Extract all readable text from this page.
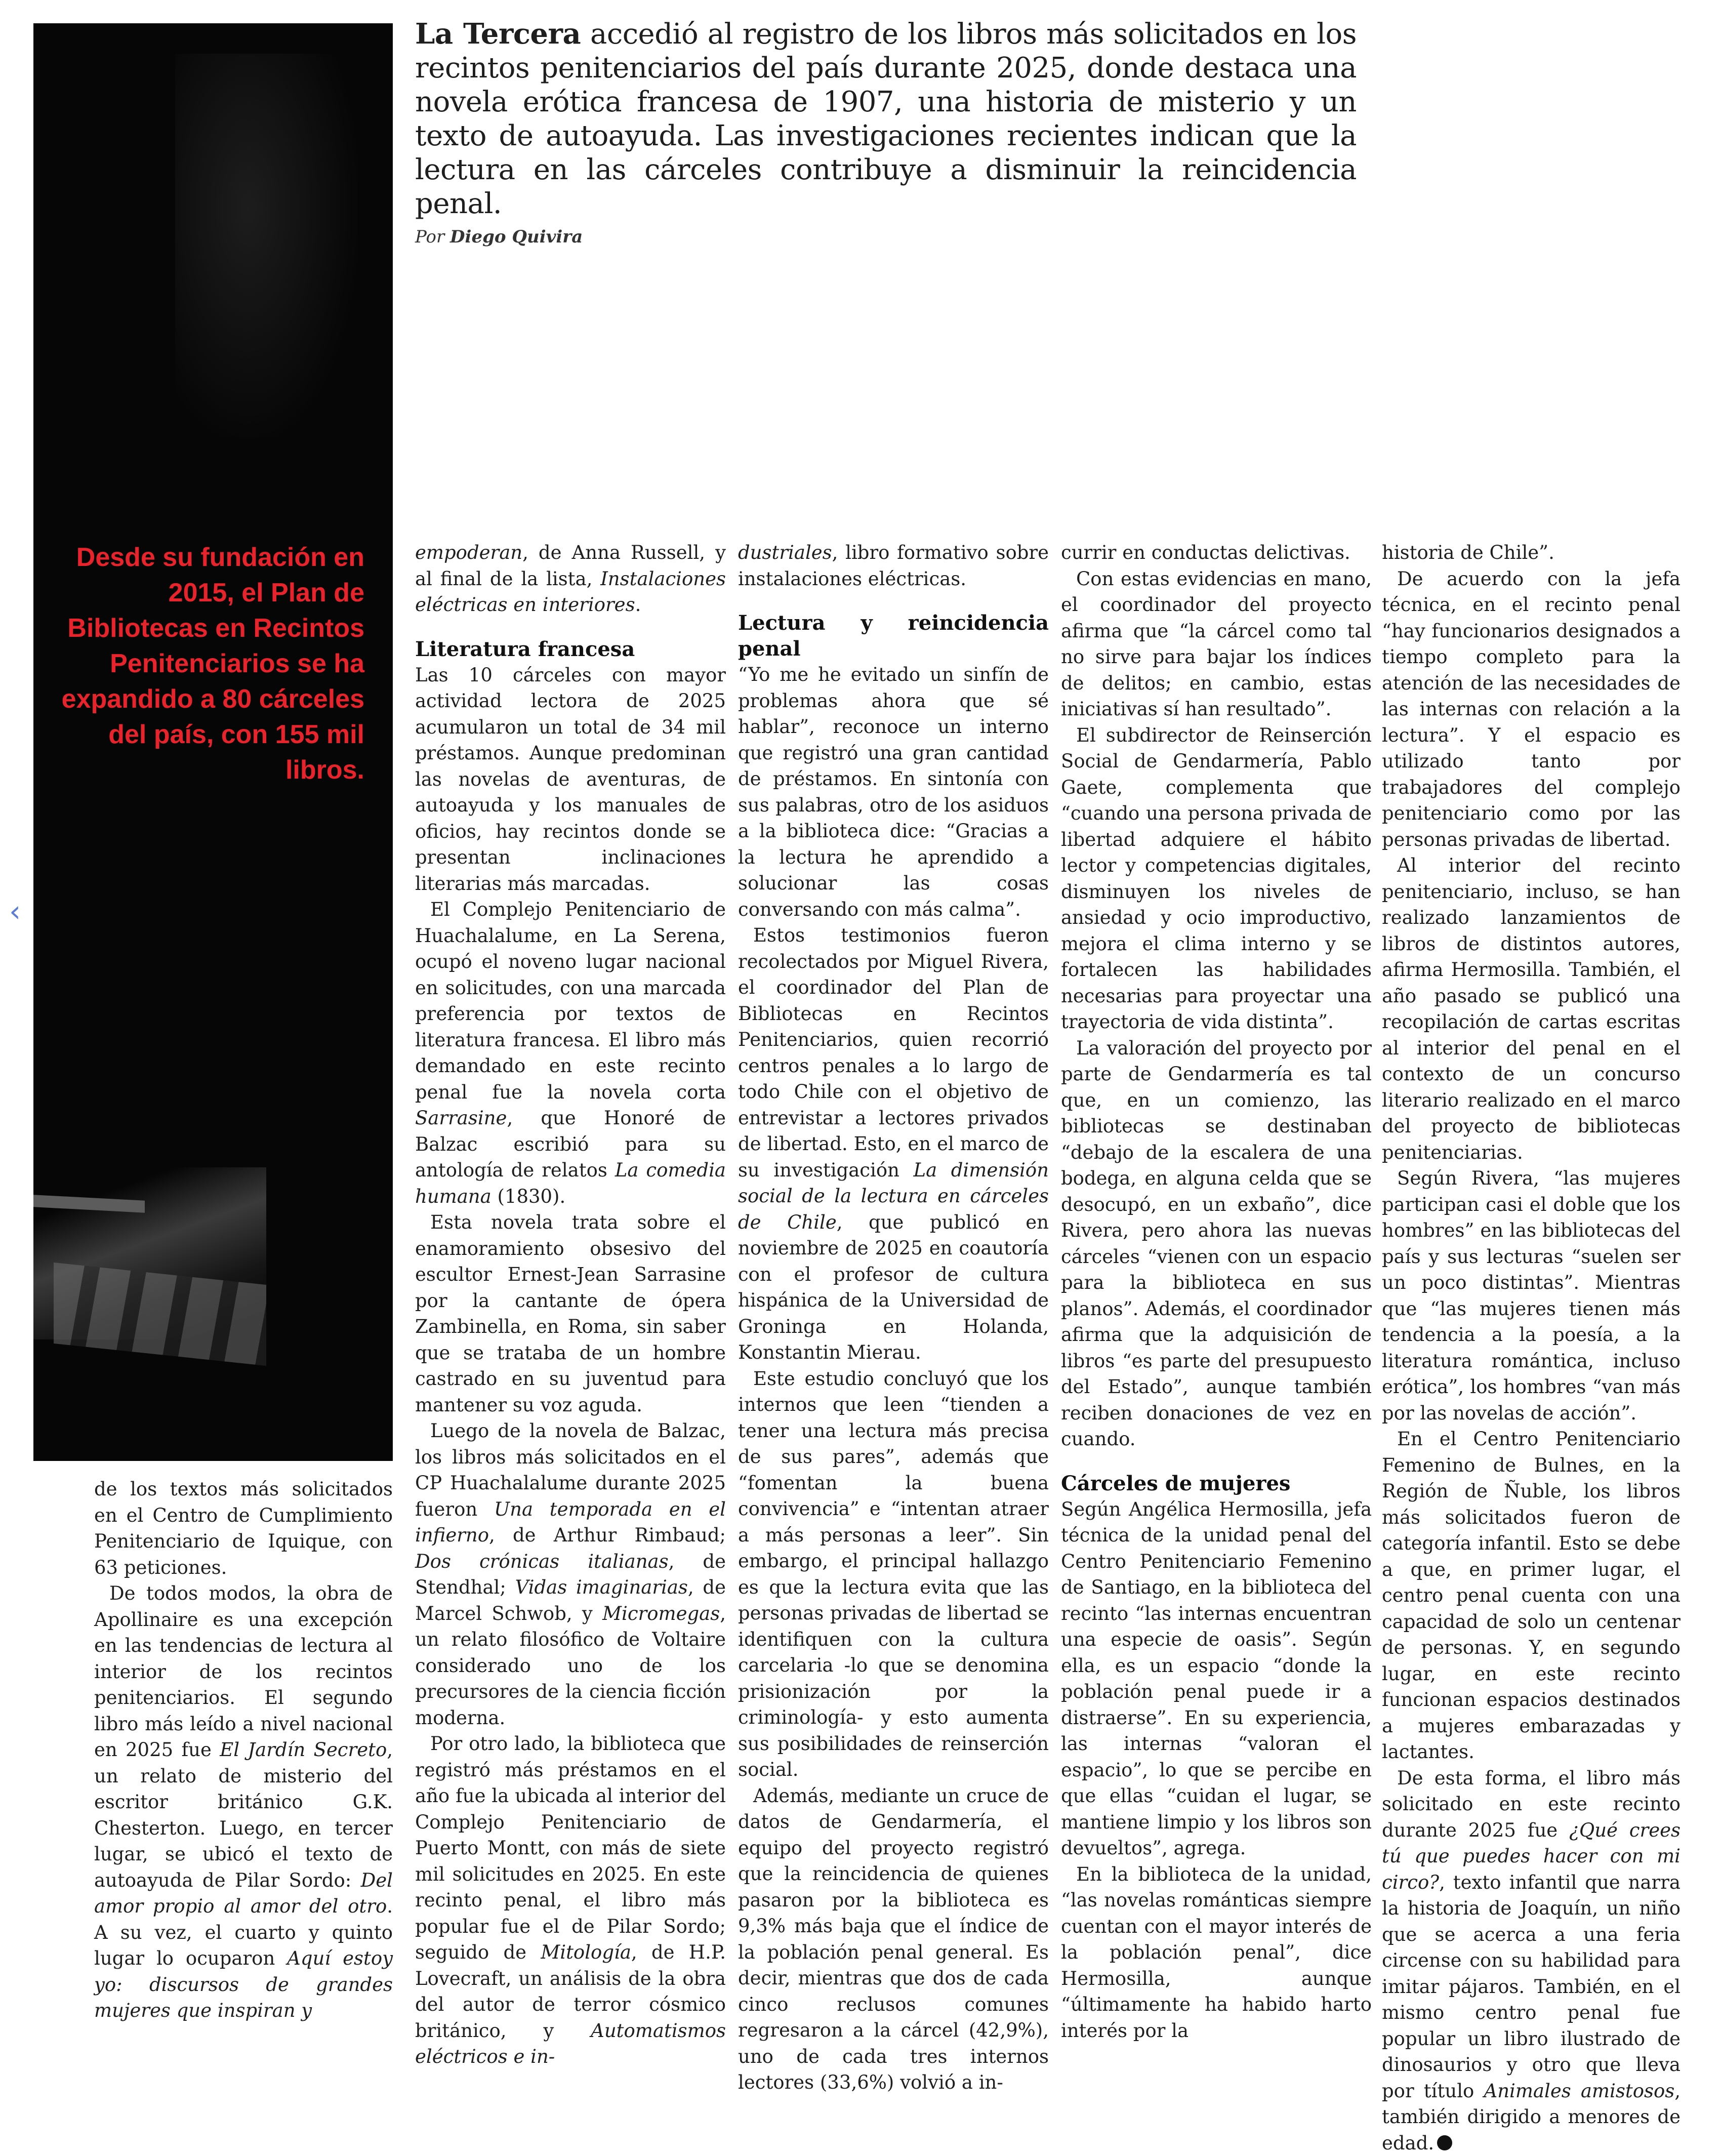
‹
Desde su fundación en 2015, el Plan de Bibliotecas en Recintos Penitenciarios se ha expandido a 80 cárceles del país, con 155 mil libros.
La Tercera accedió al registro de los libros más solicitados en los recintos penitenciarios del país durante 2025, donde destaca una novela erótica francesa de 1907, una historia de misterio y un texto de autoayuda. Las investigaciones recientes indican que la lectura en las cárceles contribuye a disminuir la reincidencia penal.
Por Diego Quivira

de los textos más solicitados en el Centro de Cumplimiento Penitenciario de Iquique, con 63 peticiones.

De todos modos, la obra de Apollinaire es una excepción en las tendencias de lectura al interior de los recintos penitenciarios. El segundo libro más leído a nivel nacional en 2025 fue El Jardín Secreto, un relato de misterio del escritor británico G.K. Chesterton. Luego, en tercer lugar, se ubicó el texto de autoayuda de Pilar Sordo: Del amor propio al amor del otro. A su vez, el cuarto y quinto lugar lo ocuparon Aquí estoy yo: discursos de grandes mujeres que inspiran y

empoderan, de Anna Russell, y al final de la lista, Instalaciones eléctricas en interiores.

Literatura francesa

Las 10 cárceles con mayor actividad lectora de 2025 acumularon un total de 34 mil préstamos. Aunque predominan las novelas de aventuras, de autoayuda y los manuales de oficios, hay recintos donde se presentan inclinaciones literarias más marcadas.

El Complejo Penitenciario de Huachalalume, en La Serena, ocupó el noveno lugar nacional en solicitudes, con una marcada preferencia por textos de literatura francesa. El libro más demandado en este recinto penal fue la novela corta Sarrasine, que Honoré de Balzac escribió para su antología de relatos La comedia humana (1830).

Esta novela trata sobre el enamoramiento obsesivo del escultor Ernest-Jean Sarrasine por la cantante de ópera Zambinella, en Roma, sin saber que se trataba de un hombre castrado en su juventud para mantener su voz aguda.

Luego de la novela de Balzac, los libros más solicitados en el CP Huachalalume durante 2025 fueron Una temporada en el infierno, de Arthur Rimbaud; Dos crónicas italianas, de Stendhal; Vidas imaginarias, de Marcel Schwob, y Micromegas, un relato filosófico de Voltaire considerado uno de los precursores de la ciencia ficción moderna.

Por otro lado, la biblioteca que registró más préstamos en el año fue la ubicada al interior del Complejo Penitenciario de Puerto Montt, con más de siete mil solicitudes en 2025. En este recinto penal, el libro más popular fue el de Pilar Sordo; seguido de Mitología, de H.P. Lovecraft, un análisis de la obra del autor de terror cósmico británico, y Automatismos eléctricos e in-

dustriales, libro formativo sobre instalaciones eléctricas.

Lectura y reincidencia penal

“Yo me he evitado un sinfín de problemas ahora que sé hablar”, reconoce un interno que registró una gran cantidad de préstamos. En sintonía con sus palabras, otro de los asiduos a la biblioteca dice: “Gracias a la lectura he aprendido a solucionar las cosas conversando con más calma”.

Estos testimonios fueron recolectados por Miguel Rivera, el coordinador del Plan de Bibliotecas en Recintos Penitenciarios, quien recorrió centros penales a lo largo de todo Chile con el objetivo de entrevistar a lectores privados de libertad. Esto, en el marco de su investigación La dimensión social de la lectura en cárceles de Chile, que publicó en noviembre de 2025 en coautoría con el profesor de cultura hispánica de la Universidad de Groninga en Holanda, Konstantin Mierau.

Este estudio concluyó que los internos que leen “tienden a tener una lectura más precisa de sus pares”, además que “fomentan la buena convivencia” e “intentan atraer a más personas a leer”. Sin embargo, el principal hallazgo es que la lectura evita que las personas privadas de libertad se identifiquen con la cultura carcelaria -lo que se denomina prisionización por la criminología- y esto aumenta sus posibilidades de reinserción social.

Además, mediante un cruce de datos de Gendarmería, el equipo del proyecto registró que la reincidencia de quienes pasaron por la biblioteca es 9,3% más baja que el índice de la población penal general. Es decir, mientras que dos de cada cinco reclusos comunes regresaron a la cárcel (42,9%), uno de cada tres internos lectores (33,6%) volvió a in-

currir en conductas delictivas.

Con estas evidencias en mano, el coordinador del proyecto afirma que “la cárcel como tal no sirve para bajar los índices de delitos; en cambio, estas iniciativas sí han resultado”.

El subdirector de Reinserción Social de Gendarmería, Pablo Gaete, complementa que “cuando una persona privada de libertad adquiere el hábito lector y competencias digitales, disminuyen los niveles de ansiedad y ocio improductivo, mejora el clima interno y se fortalecen las habilidades necesarias para proyectar una trayectoria de vida distinta”.

La valoración del proyecto por parte de Gendarmería es tal que, en un comienzo, las bibliotecas se destinaban “debajo de la escalera de una bodega, en alguna celda que se desocupó, en un exbaño”, dice Rivera, pero ahora las nuevas cárceles “vienen con un espacio para la biblioteca en sus planos”. Además, el coordinador afirma que la adquisición de libros “es parte del presupuesto del Estado”, aunque también reciben donaciones de vez en cuando.

Cárceles de mujeres

Según Angélica Hermosilla, jefa técnica de la unidad penal del Centro Penitenciario Femenino de Santiago, en la biblioteca del recinto “las internas encuentran una especie de oasis”. Según ella, es un espacio “donde la población penal puede ir a distraerse”. En su experiencia, las internas “valoran el espacio”, lo que se percibe en que ellas “cuidan el lugar, se mantiene limpio y los libros son devueltos”, agrega.

En la biblioteca de la unidad, “las novelas románticas siempre cuentan con el mayor interés de la población penal”, dice Hermosilla, aunque “últimamente ha habido harto interés por la

historia de Chile”.

De acuerdo con la jefa técnica, en el recinto penal “hay funcionarios designados a tiempo completo para la atención de las necesidades de las internas con relación a la lectura”. Y el espacio es utilizado tanto por trabajadores del complejo penitenciario como por las personas privadas de libertad.

Al interior del recinto penitenciario, incluso, se han realizado lanzamientos de libros de distintos autores, afirma Hermosilla. También, el año pasado se publicó una recopilación de cartas escritas al interior del penal en el contexto de un concurso literario realizado en el marco del proyecto de bibliotecas penitenciarias.

Según Rivera, “las mujeres participan casi el doble que los hombres” en las bibliotecas del país y sus lecturas “suelen ser un poco distintas”. Mientras que “las mujeres tienen más tendencia a la poesía, a la literatura romántica, incluso erótica”, los hombres “van más por las novelas de acción”.

En el Centro Penitenciario Femenino de Bulnes, en la Región de Ñuble, los libros más solicitados fueron de categoría infantil. Esto se debe a que, en primer lugar, el centro penal cuenta con una capacidad de solo un centenar de personas. Y, en segundo lugar, en este recinto funcionan espacios destinados a mujeres embarazadas y lactantes.

De esta forma, el libro más solicitado en este recinto durante 2025 fue ¿Qué crees tú que puedes hacer con mi circo?, texto infantil que narra la historia de Joaquín, un niño que se acerca a una feria circense con su habilidad para imitar pájaros. También, en el mismo centro penal fue popular un libro ilustrado de dinosaurios y otro que lleva por título Animales amistosos, también dirigido a menores de edad.
